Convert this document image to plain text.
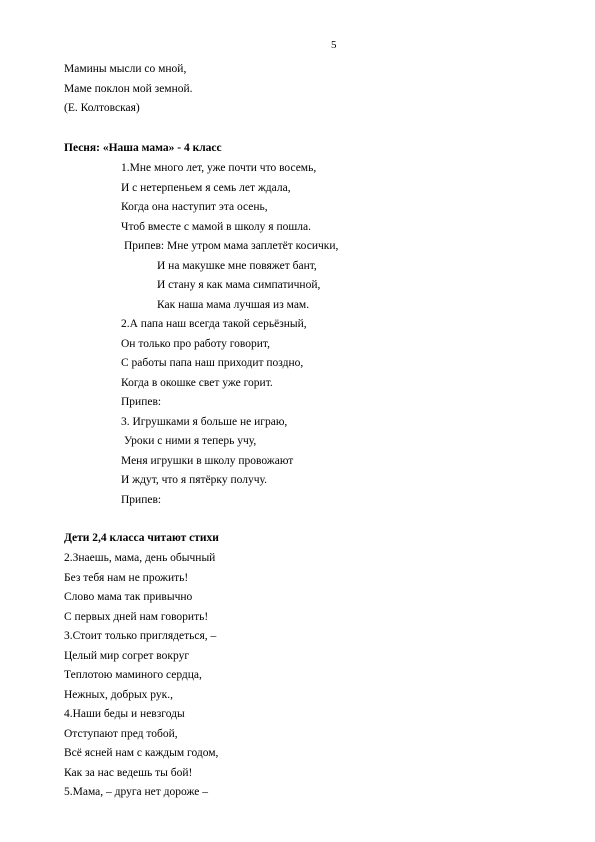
5
Мамины мысли со мной,
Маме поклон мой земной.
(Е. Колтовская)
Песня: «Наша мама» - 4 класс
1.Мне много лет, уже почти что восемь,
И с нетерпеньем я семь лет ждала,
Когда она наступит эта осень,
Чтоб вместе с мамой в школу я пошла.
Припев: Мне утром мама заплетёт косички,
И на макушке мне повяжет бант,
И стану я как мама симпатичной,
Как наша мама лучшая из мам.
2.А папа наш всегда такой серьёзный,
Он только про работу говорит,
С работы папа наш приходит поздно,
Когда в окошке свет уже горит.
Припев:
3. Игрушками я больше не играю,
Уроки с ними я теперь учу,
Меня игрушки в школу провожают
И ждут, что я пятёрку получу.
Припев:
Дети 2,4 класса читают стихи
2.Знаешь, мама, день обычный
Без тебя нам не прожить!
Слово мама так привычно
С первых дней нам говорить!
3.Стоит только приглядеться, –
Целый мир согрет вокруг
Теплотою маминого сердца,
Нежных, добрых рук.,
4.Наши беды и невзгоды
Отступают пред тобой,
Всё ясней нам с каждым годом,
Как за нас ведешь ты бой!
5.Мама, – друга нет дороже –
